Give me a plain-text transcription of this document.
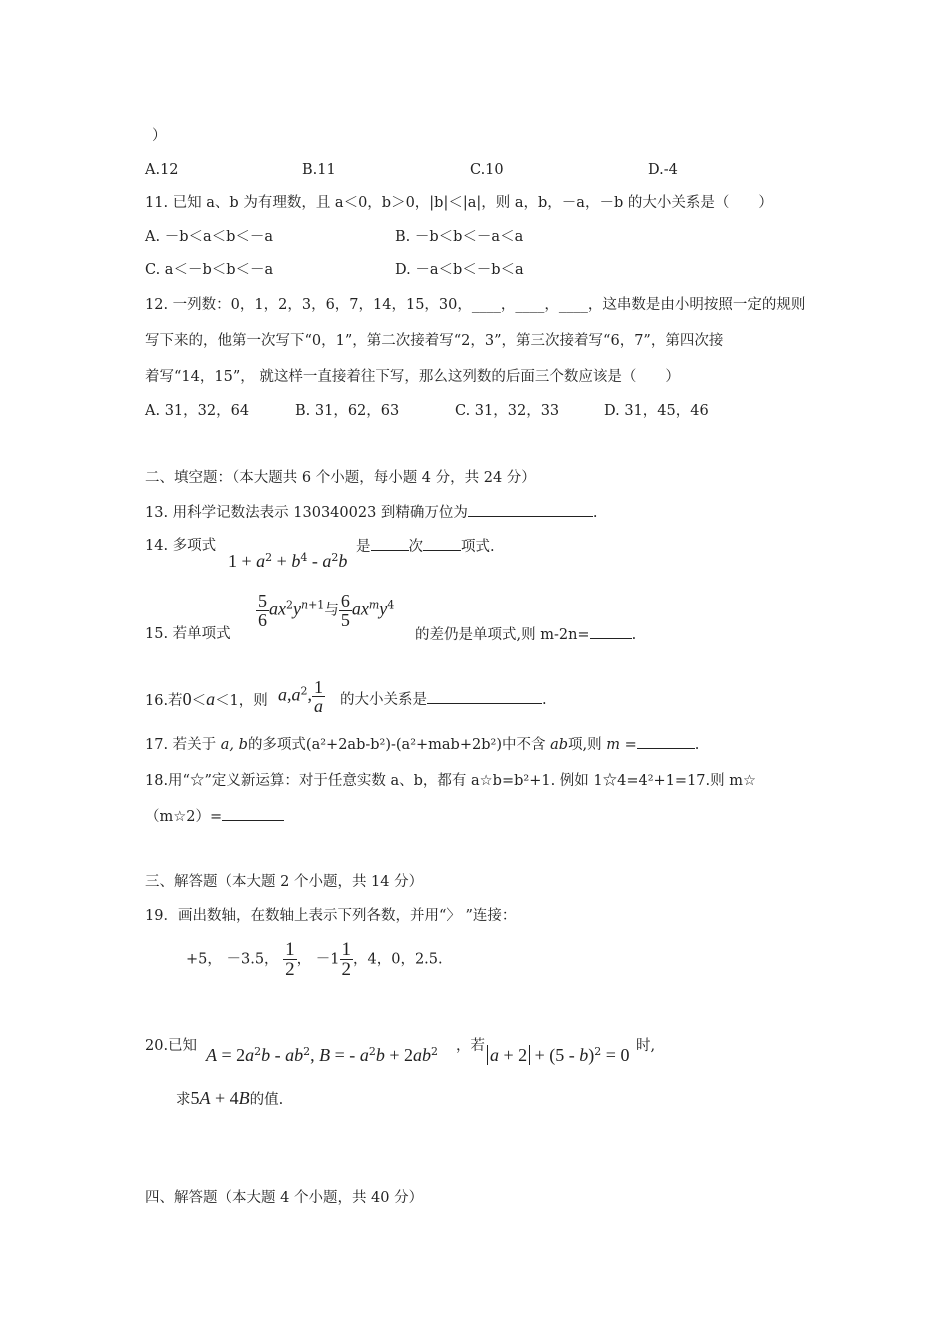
）
A.12	B.11	C.10	D.-4
11. 已知 a、b 为有理数，且 a＜0，b＞0，|b|＜|a|，则 a，b，－a，－b 的大小关系是（　　）
A. －b＜a＜b＜－a	B. －b＜b＜－a＜a
C. a＜－b＜b＜－a	D. －a＜b＜－b＜a
12. 一列数：0，1，2，3，6，7，14，15，30，____，____，____，这串数是由小明按照一定的规则
写下来的，他第一次写下“0，1”，第二次接着写“2，3”，第三次接着写“6，7”，第四次接
着写“14，15”， 就这样一直接着往下写，那么这列数的后面三个数应该是（　　）
A. 31，32，64	B. 31，62，63	C. 31，32，33	D. 31，45，46
二、填空题：（本大题共 6 个小题，每小题 4 分，共 24 分）
13. 用科学记数法表示 130340023 到精确万位为	.
14. 多项式
$1 + a^2 + b^4 - a^2b$
是	次	项式.
15. 若单项式
$\frac{5}{6} ax^2y^{n+1}$与 $\frac{6}{5} ax^my^4$
的差仍是单项式,则 m-2n=	.
16.若0＜a＜1，则 $a,a^2$, $\frac{1}{a}$ 的大小关系是	.
17. 若关于 a, b的多项式(a²+2ab-b²)-(a²+mab+2b²)中不含 ab项,则 m =	.
18.用“☆”定义新运算：对于任意实数 a、b，都有 a☆b=b²+1. 例如 1☆4=4²+1=17.则 m☆
（m☆2）=
三、解答题（本大题 2 个小题，共 14 分）
19．画出数轴，在数轴上表示下列各数，并用“〉 ”连接：
+5， －3.5， $\frac{1}{2}$ ， $-1 \frac{1}{2}$ ，4，0，2.5.
20.已知 $A = 2a^2b - ab^2$, B = - $a^2b + 2ab^2$ ，若 a + 2 + (5 - b)$^2$ = 0 时,
求5A + 4B的值.
四、解答题（本大题 4 个小题，共 40 分）
